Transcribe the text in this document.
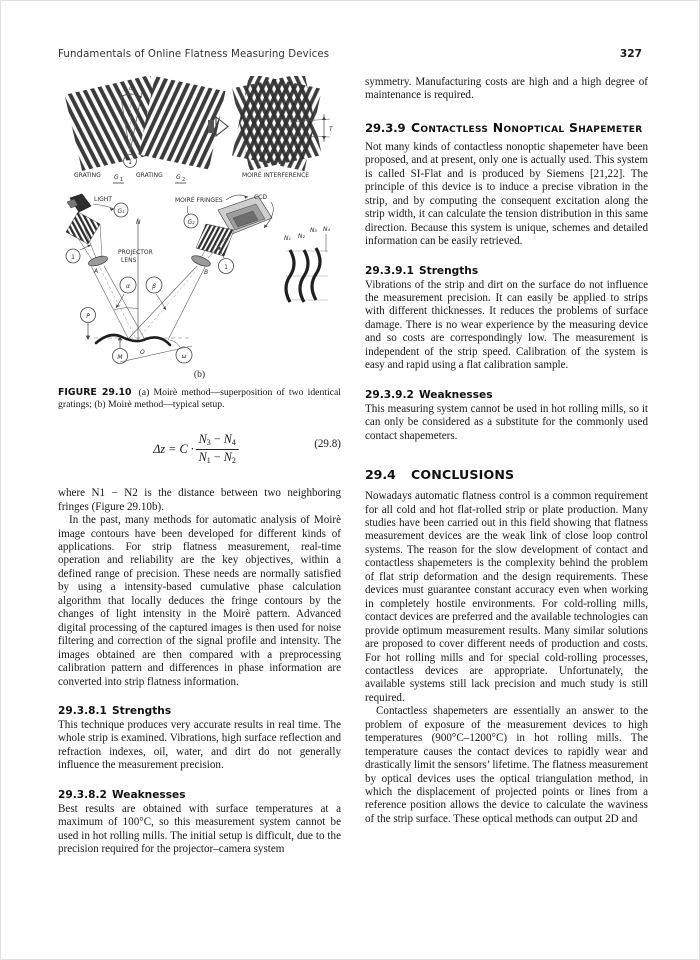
Fundamentals of Online Flatness Measuring Devices	327
α
1
GRATING G 1
GRATING G 2
T
MOIRÉ INTERFERENCE
LIGHT
G₁
1
A
PROJECTOR
LENS
N
MOIRÉ FRINGES	CCD
G₂
1
B
α	β
P
M
O
ω
N₁ N₂
N₃ N₄
(b)

FIGURE 29.10 (a) Moirè method—superposition of two identical gratings; (b) Moirè method—typical setup.

$\Delta z = C \cdot \frac{N_3 - N_4}{N_1 - N_2}$	(29.8)

where N1 − N2 is the distance between two neighboring fringes (Figure 29.10b).

In the past, many methods for automatic analysis of Moirè image contours have been developed for different kinds of applications. For strip flatness measurement, real-time operation and reliability are the key objectives, within a defined range of precision. These needs are normally satisfied by using a intensity-based cumulative phase calculation algorithm that locally deduces the fringe contours by the changes of light intensity in the Moirè pattern. Advanced digital processing of the captured images is then used for noise filtering and correction of the signal profile and intensity. The images obtained are then compared with a preprocessing calibration pattern and differences in phase information are converted into strip flatness information.

29.3.8.1 Strengths

This technique produces very accurate results in real time. The whole strip is examined. Vibrations, high surface reflection and refraction indexes, oil, water, and dirt do not generally influence the measurement precision.

29.3.8.2 Weaknesses

Best results are obtained with surface temperatures at a maximum of 100°C, so this measurement system cannot be used in hot rolling mills. The initial setup is difficult, due to the precision required for the projector–camera system

symmetry. Manufacturing costs are high and a high degree of maintenance is required.

29.3.9 Contactless Nonoptical Shapemeter

Not many kinds of contactless nonoptic shapemeter have been proposed, and at present, only one is actually used. This system is called SI-Flat and is produced by Siemens [21,22]. The principle of this device is to induce a precise vibration in the strip, and by computing the consequent excitation along the strip width, it can calculate the tension distribution in this same direction. Because this system is unique, schemes and detailed information can be easily retrieved.

29.3.9.1 Strengths

Vibrations of the strip and dirt on the surface do not influence the measurement precision. It can easily be applied to strips with different thicknesses. It reduces the problems of surface damage. There is no wear experience by the measuring device and so costs are correspondingly low. The measurement is independent of the strip speed. Calibration of the system is easy and rapid using a flat calibration sample.

29.3.9.2 Weaknesses

This measuring system cannot be used in hot rolling mills, so it can only be considered as a substitute for the commonly used contact shapemeters.

29.4	CONCLUSIONS

Nowadays automatic flatness control is a common requirement for all cold and hot flat-rolled strip or plate production. Many studies have been carried out in this field showing that flatness measurement devices are the weak link of close loop control systems. The reason for the slow development of contact and contactless shapemeters is the complexity behind the problem of flat strip deformation and the design requirements. These devices must guarantee constant accuracy even when working in completely hostile environments. For cold-rolling mills, contact devices are preferred and the available technologies can provide optimum measurement results. Many similar solutions are proposed to cover different needs of production and costs. For hot rolling mills and for special cold-rolling processes, contactless devices are appropriate. Unfortunately, the available systems still lack precision and much study is still required.

Contactless shapemeters are essentially an answer to the problem of exposure of the measurement devices to high temperatures (900°C–1200°C) in hot rolling mills. The temperature causes the contact devices to rapidly wear and drastically limit the sensors’ lifetime. The flatness measurement by optical devices uses the optical triangulation method, in which the displacement of projected points or lines from a reference position allows the device to calculate the waviness of the strip surface. These optical methods can output 2D and
